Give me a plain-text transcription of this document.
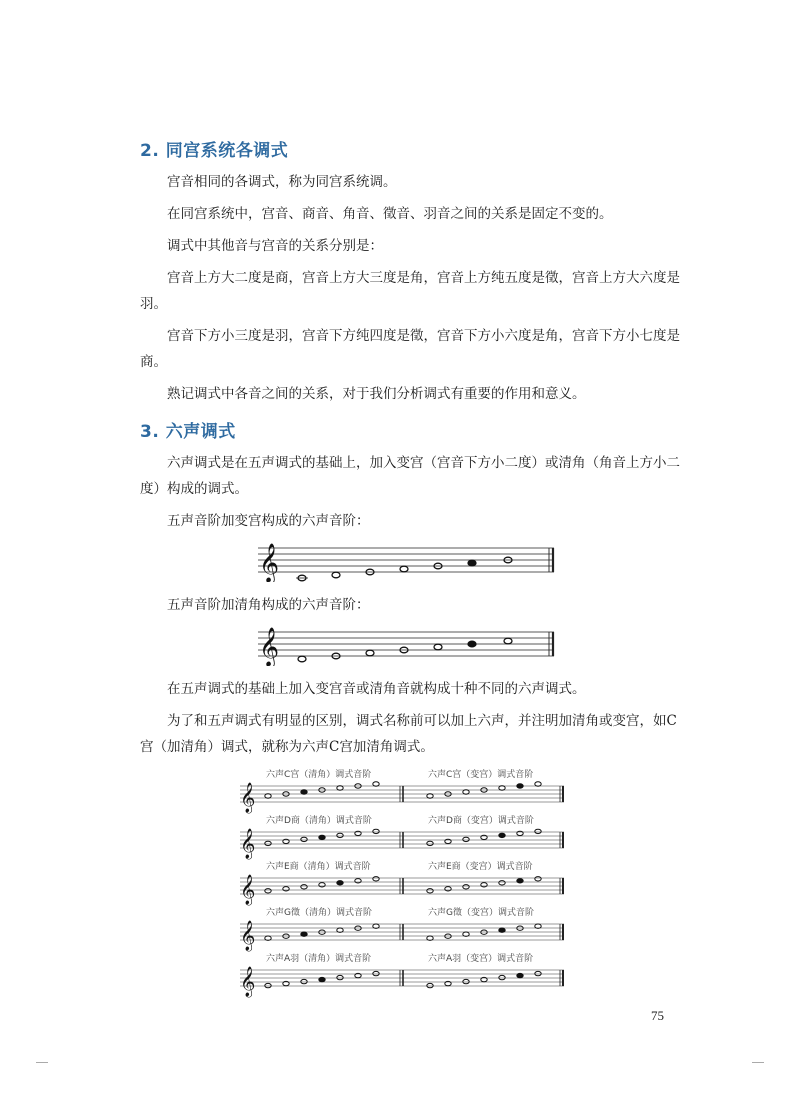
2. 同宫系统各调式

宫音相同的各调式，称为同宫系统调。

在同宫系统中，宫音、商音、角音、徵音、羽音之间的关系是固定不变的。

调式中其他音与宫音的关系分别是：

宫音上方大二度是商，宫音上方大三度是角，宫音上方纯五度是徵，宫音上方大六度是羽。

宫音下方小三度是羽，宫音下方纯四度是徵，宫音下方小六度是角，宫音下方小七度是商。

熟记调式中各音之间的关系，对于我们分析调式有重要的作用和意义。

3. 六声调式

六声调式是在五声调式的基础上，加入变宫（宫音下方小二度）或清角（角音上方小二度）构成的调式。

五声音阶加变宫构成的六声音阶：

𝄞

五声音阶加清角构成的六声音阶：

𝄞

在五声调式的基础上加入变宫音或清角音就构成十种不同的六声调式。

为了和五声调式有明显的区别，调式名称前可以加上六声，并注明加清角或变宫，如C宫（加清角）调式，就称为六声C宫加清角调式。

六声C宫（清角）调式音阶	六声C宫（变宫）调式音阶
𝄞
六声D商（清角）调式音阶	六声D商（变宫）调式音阶
𝄞
六声E商（清角）调式音阶	六声E商（变宫）调式音阶
𝄞
六声G徵（清角）调式音阶	六声G徵（变宫）调式音阶
𝄞
六声A羽（清角）调式音阶	六声A羽（变宫）调式音阶
𝄞
75
